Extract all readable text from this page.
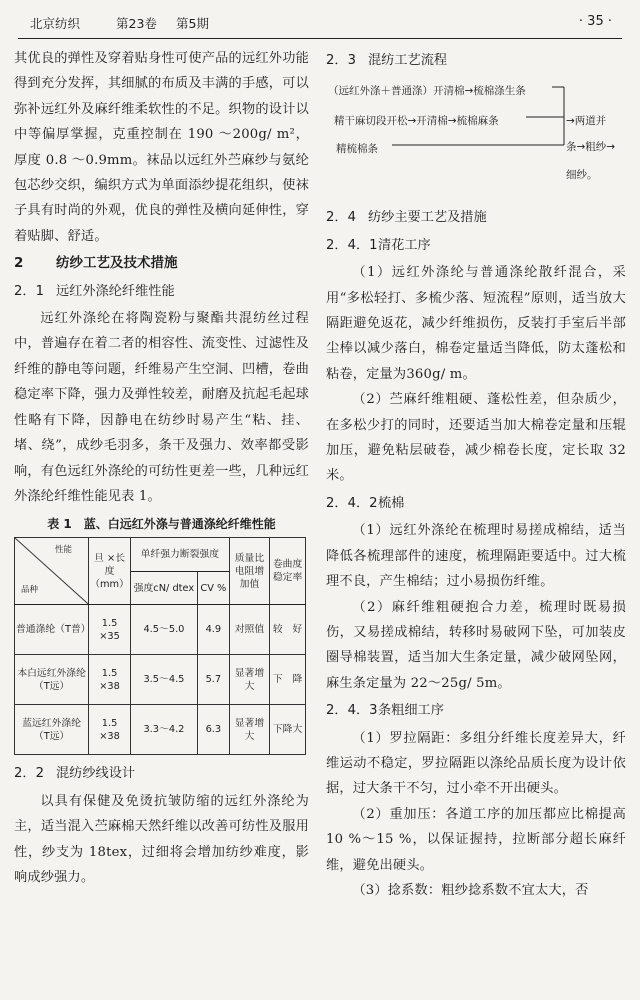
北京纺织	第23卷 第5期	· 35 ·

其优良的弹性及穿着贴身性可使产品的远红外功能得到充分发挥，其细腻的布质及丰满的手感，可以弥补远红外及麻纤维柔软性的不足。织物的设计以中等偏厚掌握，克重控制在 190 ～200g/ m²，厚度 0.8 ～0.9mm。袜品以远红外苎麻纱与氨纶包芯纱交织，编织方式为单面添纱提花组织，使袜子具有时尚的外观，优良的弹性及横向延伸性，穿着贴脚、舒适。

2 纺纱工艺及技术措施
2．1 远红外涤纶纤维性能

远红外涤纶在将陶瓷粉与聚酯共混纺丝过程中，普遍存在着二者的相容性、流变性、过滤性及纤维的静电等问题，纤维易产生空洞、凹槽，卷曲稳定率下降，强力及弹性较差，耐磨及抗起毛起球性略有下降，因静电在纺纱时易产生“粘、挂、堵、绕”，成纱毛羽多，条干及强力、效率都受影响，有色远红外涤纶的可纺性更差一些，几种远红外涤纶纤维性能见表 1。

表 1　蓝、白远红外涤与普通涤纶纤维性能
性能
品种	旦 ×长度（mm）	单纤强力断裂强度		质量比电阻增加值	卷曲度稳定率
		强度cN/ dtex	CV %		
普通涤纶（T普）	1.5 ×35	4.5～5.0	4.9	对照值	较　好
本白远红外涤纶（T远）	1.5 ×38	3.5～4.5	5.7	显著增大	下　降
蓝远红外涤纶（T远）	1.5 ×38	3.3～4.2	6.3	显著增大	下降大
2．2 混纺纱线设计

以具有保健及免烫抗皱防缩的远红外涤纶为主，适当混入苎麻棉天然纤维以改善可纺性及服用性，纱支为 18tex，过细将会增加纺纱难度，影响成纱强力。

2．3 混纺工艺流程
（远红外涤＋普通涤）开清棉→梳棉涤生条
精干麻切段开松→开清棉→梳棉麻条
精梳棉条
→两道并
条→粗纱→
细纱。
2．4 纺纱主要工艺及措施
2．4．1清花工序

（1）远红外涤纶与普通涤纶散纤混合，采用“多松轻打、多梳少落、短流程”原则，适当放大隔距避免返花，减少纤维损伤，反装打手室后半部尘棒以减少落白，棉卷定量适当降低，防太蓬松和粘卷，定量为360g/ m。

（2）苎麻纤维粗硬、蓬松性差，但杂质少，在多松少打的同时，还要适当加大棉卷定量和压辊加压，避免粘层破卷，减少棉卷长度，定长取 32 米。

2．4．2梳棉

（1）远红外涤纶在梳理时易搓成棉结，适当降低各梳理部件的速度，梳理隔距要适中。过大梳理不良，产生棉结；过小易损伤纤维。

（2）麻纤维粗硬抱合力差，梳理时既易损伤，又易搓成棉结，转移时易破网下坠，可加装皮圈导棉装置，适当加大生条定量，减少破网坠网，麻生条定量为 22～25g/ 5m。

2．4．3条粗细工序

（1）罗拉隔距：多组分纤维长度差异大，纤维运动不稳定，罗拉隔距以涤纶品质长度为设计依据，过大条干不匀，过小牵不开出硬头。

（2）重加压：各道工序的加压都应比棉提高 10 %～15 %，以保证握持，拉断部分超长麻纤维，避免出硬头。

（3）捻系数：粗纱捻系数不宜太大，否
